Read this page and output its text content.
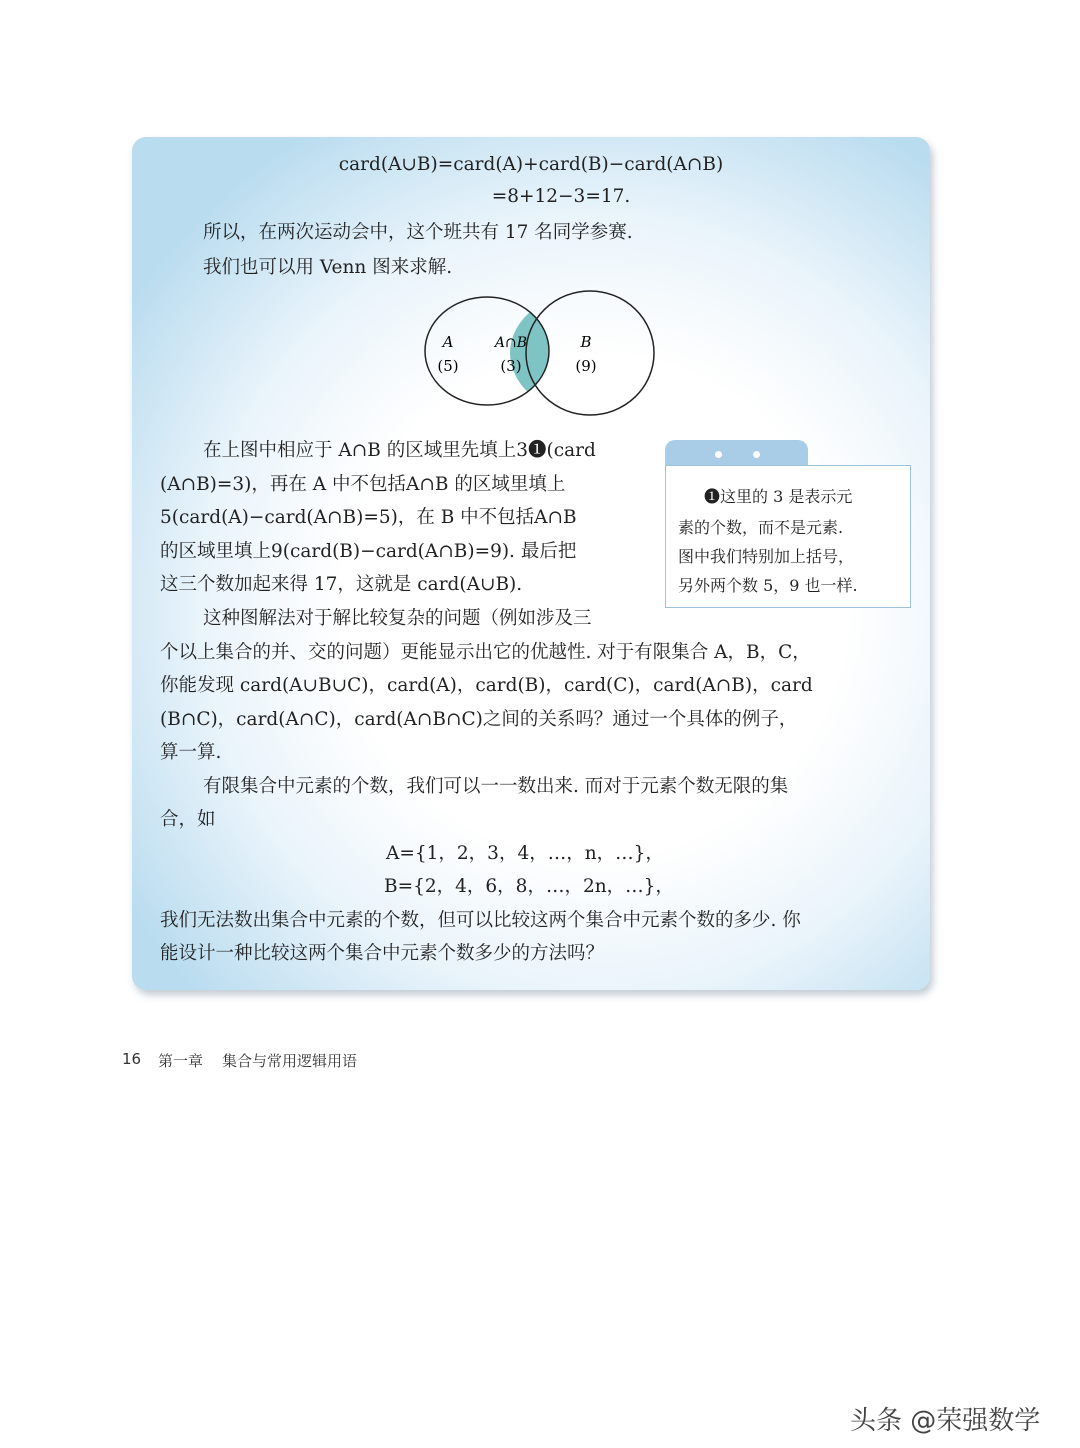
card(A∪B)=card(A)+card(B)−card(A∩B)
=8+12−3=17.
所以，在两次运动会中，这个班共有 17 名同学参赛.
我们也可以用 Venn 图来求解.
A
(5)
A∩B
(3)
B
(9)
在上图中相应于 A∩B 的区域里先填上3❶(card
(A∩B)=3)，再在 A 中不包括A∩B 的区域里填上
5(card(A)−card(A∩B)=5)，在 B 中不包括A∩B
的区域里填上9(card(B)−card(A∩B)=9). 最后把
这三个数加起来得 17，这就是 card(A∪B).
❶这里的 3 是表示元
素的个数，而不是元素.
图中我们特别加上括号，
另外两个数 5，9 也一样.
这种图解法对于解比较复杂的问题（例如涉及三
个以上集合的并、交的问题）更能显示出它的优越性. 对于有限集合 A，B，C，
你能发现 card(A∪B∪C)，card(A)，card(B)，card(C)，card(A∩B)，card
(B∩C)，card(A∩C)，card(A∩B∩C)之间的关系吗？通过一个具体的例子，
算一算.
有限集合中元素的个数，我们可以一一数出来. 而对于元素个数无限的集
合，如
A={1，2，3，4，…，n，…}，
B={2，4，6，8，…，2n，…}，
我们无法数出集合中元素的个数，但可以比较这两个集合中元素个数的多少. 你
能设计一种比较这两个集合中元素个数多少的方法吗？
16 第一章 集合与常用逻辑用语
头条 @荣强数学
